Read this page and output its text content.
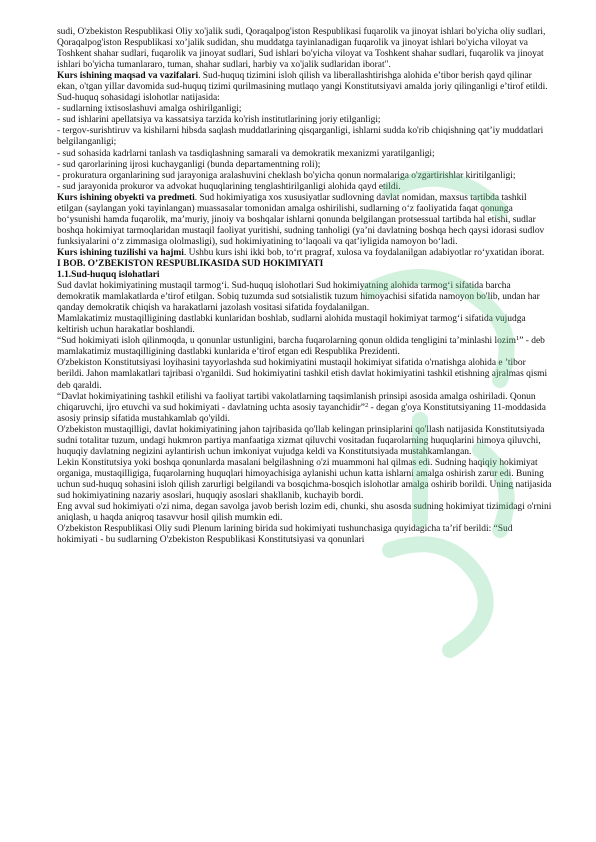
sudi, O'zbekiston Respublikasi Oliy xo'jalik sudi, Qoraqalpog'iston Respublikasi fuqarolik va jinoyat ishlari bo'yicha oliy sudlari, Qoraqalpog'iston Respublikasi xo’jalik sudidan, shu muddatga tayinlanadigan fuqarolik va jinoyat ishlari bo'yicha viloyat va Toshkent shahar sudlari, fuqarolik va jinoyat sudlari, Sud ishlari bo'yicha viloyat va Toshkent shahar sudlari, fuqarolik va jinoyat ishlari bo'yicha tumanlararo, tuman, shahar sudlari, harbiy va xo'jalik sudlaridan iborat".

Kurs ishining maqsad va vazifalari. Sud-huquq tizimini isloh qilish va liberallashtirishga alohida e’tibor berish qayd qilinar ekan, o'tgan yillar davomida sud-huquq tizimi qurilmasining mutlaqo yangi Konstitutsiyavi amalda joriy qilinganligi e’tirof etildi. Sud-huquq sohasidagi islohotlar natijasida:

- sudlarning ixtisoslashuvi amalga oshirilganligi;

- sud ishlarini apellatsiya va kassatsiya tarzida ko'rish institutlarining joriy etilganligi;

- tergov-surishtiruv va kishilarni hibsda saqlash muddatlarining qisqarganligi, ishlarni sudda ko'rib chiqishning qat’iy muddatlari belgilanganligi;

- sud sohasida kadrlarni tanlash va tasdiqlashning samarali va demokratik mexanizmi yaratilganligi;

- sud qarorlarining ijrosi kuchayganligi (bunda departamentning roli);

- prokuratura organlarining sud jarayoniga aralashuvini cheklash bo'yicha qonun normalariga o'zgartirishlar kiritilganligi;

- sud jarayonida prokuror va advokat huquqlarining tenglashtirilganligi alohida qayd etildi.

Kurs ishining obyekti va predmeti. Sud hokimiyatiga xos xususiyatlar sudlovning davlat nomidan, maxsus tartibda tashkil etilgan (saylangan yoki tayinlangan) muassasalar tomonidan amalga oshirilishi, sudlarning o‘z faoliyatida faqat qonunga bo‘ysunishi hamda fuqarolik, ma’muriy, jinoiy va boshqalar ishlarni qonunda belgilangan protsessual tartibda hal etishi, sudlar boshqa hokimiyat tarmoqlaridan mustaqil faoliyat yuritishi, sudning tanholigi (ya’ni davlatning boshqa hech qaysi idorasi sudlov funksiyalarini o‘z zimmasiga ololmasligi), sud hokimiyatining to‘laqoali va qat’iyligida namoyon bo‘ladi.

Kurs ishining tuzilishi va hajmi. Ushbu kurs ishi ikki bob, to‘rt pragraf, xulosa va foydalanilgan adabiyotlar ro‘yxatidan iborat.

I BOB. O’ZBEKISTON RESPUBLIKASIDA SUD HOKIMIYATI

1.1.Sud-huquq islohatlari

Sud davlat hokimiyatining mustaqil tarmog‘i. Sud-huquq islohotlari Sud hokimiyatning alohida tarmog‘i sifatida barcha demokratik mamlakatlarda e’tirof etilgan. Sobiq tuzumda sud sotsialistik tuzum himoyachisi sifatida namoyon bo'lib, undan har qanday demokratik chiqish va harakatlarni jazolash vositasi sifatida foydalanilgan.

Mamlakatimiz mustaqilligining dastlabki kunlaridan boshlab, sudlarni alohida mustaqil hokimiyat tarmog‘i sifatida vujudga keltirish uchun harakatlar boshlandi.

“Sud hokimiyati isloh qilinmoqda, u qonunlar ustunligini, barcha fuqarolarning qonun oldida tengligini ta’minlashi lozim$^1$” - deb mamlakatimiz mustaqilligining dastlabki kunlarida e’tirof etgan edi Respublika Prezidenti.

O'zbekiston Konstitutsiyasi loyihasini tayyorlashda sud hokimiyatini mustaqil hokimiyat sifatida o'rnatishga alohida e ’tibor berildi. Jahon mamlakatlari tajribasi o'rganildi. Sud hokimiyatini tashkil etish davlat hokimiyatini tashkil etishning ajralmas qismi deb qaraldi.

“Davlat hokimiyatining tashkil etilishi va faoliyat tartibi vakolatlarning taqsimlanish prinsipi asosida amalga oshiriladi. Qonun chiqaruvchi, ijro etuvchi va sud hokimiyati - davlatning uchta asosiy tayanchidir”$^2$ - degan g'oya Konstitutsiyaning 11-moddasida asosiy prinsip sifatida mustahkamlab qo'yildi.

O'zbekiston mustaqilligi, davlat hokimiyatining jahon tajribasida qo'llab kelingan prinsiplarini qo'llash natijasida Konstitutsiyada sudni totalitar tuzum, undagi hukmron partiya manfaatiga xizmat qiluvchi vositadan fuqarolarning huquqlarini himoya qiluvchi, huquqiy davlatning negizini aylantirish uchun imkoniyat vujudga keldi va Konstitutsiyada mustahkamlangan.

Lekin Konstitutsiya yoki boshqa qonunlarda masalani belgilashning o'zi muammoni hal qilmas edi. Sudning haqiqiy hokimiyat organiga, mustaqilligiga, fuqarolarning huquqlari himoyachisiga aylanishi uchun katta ishlarni amalga oshirish zarur edi. Buning uchun sud-huquq sohasini isloh qilish zarurligi belgilandi va bosqichma-bosqich islohotlar amalga oshirib borildi. Uning natijasida sud hokimiyatining nazariy asoslari, huquqiy asoslari shakllanib, kuchayib bordi.

Eng avval sud hokimiyati o'zi nima, degan savolga javob berish lozim edi, chunki, shu asosda sudning hokimiyat tizimidagi o'rnini aniqlash, u haqda aniqroq tasavvur hosil qilish mumkin edi.

O'zbekiston Respublikasi Oliy sudi Plenum larining birida sud hokimiyati tushunchasiga quyidagicha ta’rif berildi: “Sud hokimiyati - bu sudlarning O'zbekiston Respublikasi Konstitutsiyasi va qonunlari
